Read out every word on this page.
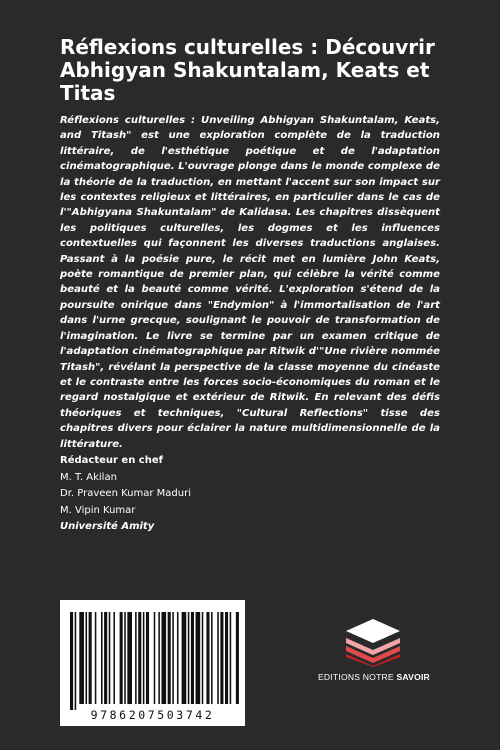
Réflexions culturelles : Découvrir Abhigyan Shakuntalam, Keats et Titas

Réflexions culturelles : Unveiling Abhigyan Shakuntalam, Keats, and Titash" est une exploration complète de la traduction littéraire, de l'esthétique poétique et de l'adaptation cinématographique. L'ouvrage plonge dans le monde complexe de la théorie de la traduction, en mettant l'accent sur son impact sur les contextes religieux et littéraires, en particulier dans le cas de l'"Abhigyana Shakuntalam" de Kalidasa. Les chapitres dissèquent les politiques culturelles, les dogmes et les influences contextuelles qui façonnent les diverses traductions anglaises. Passant à la poésie pure, le récit met en lumière John Keats, poète romantique de premier plan, qui célèbre la vérité comme beauté et la beauté comme vérité. L'exploration s'étend de la poursuite onirique dans "Endymion" à l'immortalisation de l'art dans l'urne grecque, soulignant le pouvoir de transformation de l'imagination. Le livre se termine par un examen critique de l'adaptation cinématographique par Ritwik d'"Une rivière nommée Titash", révélant la perspective de la classe moyenne du cinéaste et le contraste entre les forces socio-économiques du roman et le regard nostalgique et extérieur de Ritwik. En relevant des défis théoriques et techniques, "Cultural Reflections" tisse des chapitres divers pour éclairer la nature multidimensionnelle de la littérature.

Rédacteur en chef
M. T. Akilan
Dr. Praveen Kumar Maduri
M. Vipin Kumar
Université Amity
9786207503742
EDITIONS NOTRE SAVOIR
